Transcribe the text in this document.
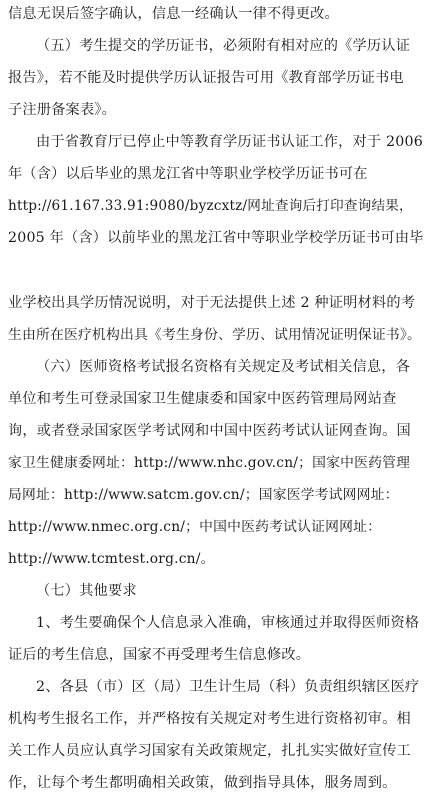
信息无误后签字确认，信息一经确认一律不得更改。
（五）考生提交的学历证书，必须附有相对应的《学历认证
报告》，若不能及时提供学历认证报告可用《教育部学历证书电
子注册备案表》。
由于省教育厅已停止中等教育学历证书认证工作，对于 2006
年（含）以后毕业的黑龙江省中等职业学校学历证书可在
http://61.167.33.91:9080/byzcxtz/网址查询后打印查询结果，
2005 年（含）以前毕业的黑龙江省中等职业学校学历证书可由毕
业学校出具学历情况说明，对于无法提供上述 2 种证明材料的考
生由所在医疗机构出具《考生身份、学历、试用情况证明保证书》。
（六）医师资格考试报名资格有关规定及考试相关信息，各
单位和考生可登录国家卫生健康委和国家中医药管理局网站查
询，或者登录国家医学考试网和中国中医药考试认证网查询。国
家卫生健康委网址：http://www.nhc.gov.cn/；国家中医药管理
局网址：http://www.satcm.gov.cn/；国家医学考试网网址：
http://www.nmec.org.cn/；中国中医药考试认证网网址：
http://www.tcmtest.org.cn/。
（七）其他要求
1、考生要确保个人信息录入准确，审核通过并取得医师资格
证后的考生信息，国家不再受理考生信息修改。
2、各县（市）区（局）卫生计生局（科）负责组织辖区医疗
机构考生报名工作，并严格按有关规定对考生进行资格初审。相
关工作人员应认真学习国家有关政策规定，扎扎实实做好宣传工
作，让每个考生都明确相关政策，做到指导具体，服务周到。
